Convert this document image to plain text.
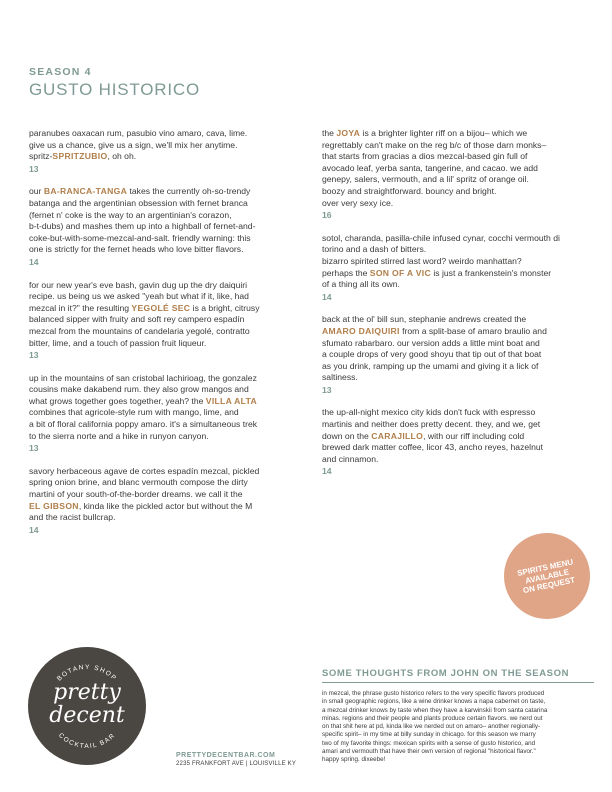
SEASON 4
GUSTO HISTORICO

paranubes oaxacan rum, pasubio vino amaro, cava, lime.
give us a chance, give us a sign, we'll mix her anytime.
spritz-SPRITZUBIO, oh oh.

13

our BA-RANCA-TANGA takes the currently oh-so-trendy
batanga and the argentinian obsession with fernet branca
(fernet n' coke is the way to an argentinian's corazon,
b-t-dubs) and mashes them up into a highball of fernet-and-
coke-but-with-some-mezcal-and-salt. friendly warning: this
one is strictly for the fernet heads who love bitter flavors.

14

for our new year's eve bash, gavin dug up the dry daiquiri
recipe. us being us we asked "yeah but what if it, like, had
mezcal in it?" the resulting YEGOLÉ SEC is a bright, citrusy
balanced sipper with fruity and soft rey campero espadín
mezcal from the mountains of candelaria yegolé, contratto
bitter, lime, and a touch of passion fruit liqueur.

13

up in the mountains of san cristobal lachirioag, the gonzalez
cousins make dakabend rum. they also grow mangos and
what grows together goes together, yeah? the VILLA ALTA
combines that agricole-style rum with mango, lime, and
a bit of floral california poppy amaro. it's a simultaneous trek
to the sierra norte and a hike in runyon canyon.

13

savory herbaceous agave de cortes espadín mezcal, pickled
spring onion brine, and blanc vermouth compose the dirty
martini of your south-of-the-border dreams. we call it the
EL GIBSON, kinda like the pickled actor but without the M
and the racist bullcrap.

14

the JOYA is a brighter lighter riff on a bijou– which we
regrettably can't make on the reg b/c of those darn monks–
that starts from gracias a dios mezcal-based gin full of
avocado leaf, yerba santa, tangerine, and cacao. we add
genepy, salers, vermouth, and a lil' spritz of orange oil.
boozy and straightforward. bouncy and bright.
over very sexy ice.

16

sotol, charanda, pasilla-chile infused cynar, cocchi vermouth di
torino and a dash of bitters.
bizarro spirited stirred last word? weirdo manhattan?
perhaps the SON OF A VIC is just a frankenstein's monster
of a thing all its own.

14

back at the ol' bill sun, stephanie andrews created the
AMARO DAIQUIRI from a split-base of amaro braulio and
sfumato rabarbaro. our version adds a little mint boat and
a couple drops of very good shoyu that tip out of that boat
as you drink, ramping up the umami and giving it a lick of
saltiness.

13

the up-all-night mexico city kids don't fuck with espresso
martinis and neither does pretty decent. they, and we, get
down on the CARAJILLO, with our riff including cold
brewed dark matter coffee, licor 43, ancho reyes, hazelnut
and cinnamon.

14
SPIRITS MENU
AVAILABLE
ON REQUEST
BOTANY SHOP
COCKTAIL BAR
pretty
decent
PRETTYDECENTBAR.COM
2235 FRANKFORT AVE | LOUISVILLE KY
SOME THOUGHTS FROM JOHN ON THE SEASON
in mezcal, the phrase gusto historico refers to the very specific flavors produced
in small geographic regions, like a wine drinker knows a napa cabernet on taste,
a mezcal drinker knows by taste when they have a karwinskii from santa catarina
minas. regions and their people and plants produce certain flavors. we nerd out
on that shit here at pd, kinda like we nerded out on amaro– another regionally-
specific spirit– in my time at billy sunday in chicago. for this season we marry
two of my favorite things: mexican spirits with a sense of gusto historico, and
amari and vermouth that have their own version of regional "historical flavor."
happy spring. dixeebe!
